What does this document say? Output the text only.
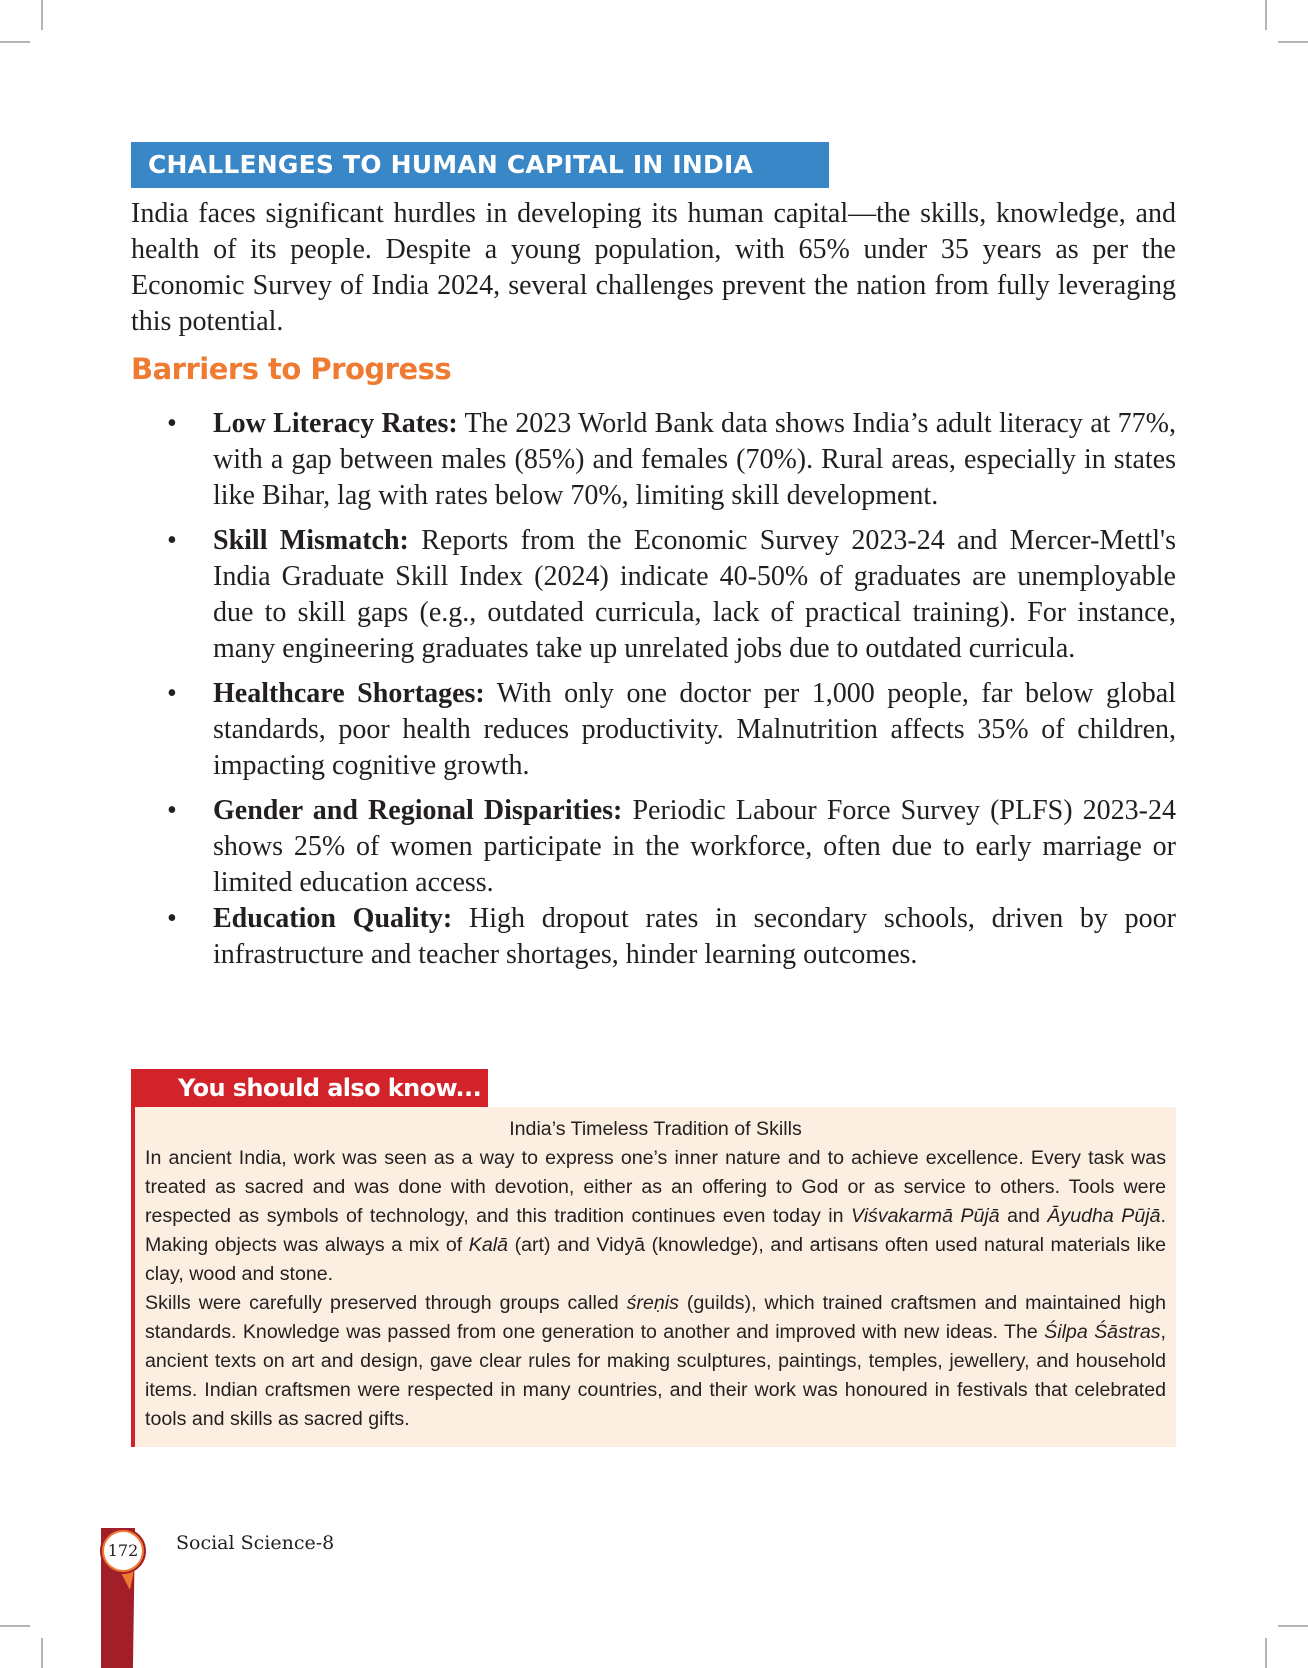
CHALLENGES TO HUMAN CAPITAL IN INDIA

India faces significant hurdles in developing its human capital—the skills, knowledge, and health of its people. Despite a young population, with 65% under 35 years as per the Economic Survey of India 2024, several challenges prevent the nation from fully leveraging this potential.

Barriers to Progress
• Low Literacy Rates: The 2023 World Bank data shows India’s adult literacy at 77%, with a gap between males (85%) and females (70%). Rural areas, especially in states like Bihar, lag with rates below 70%, limiting skill development.
• Skill Mismatch: Reports from the Economic Survey 2023-24 and Mercer-Mettl's India Graduate Skill Index (2024) indicate 40-50% of graduates are unemployable due to skill gaps (e.g., outdated curricula, lack of practical training). For instance, many engineering graduates take up unrelated jobs due to outdated curricula.
• Healthcare Shortages: With only one doctor per 1,000 people, far below global standards, poor health reduces productivity. Malnutrition affects 35% of children, impacting cognitive growth.
• Gender and Regional Disparities: Periodic Labour Force Survey (PLFS) 2023-24 shows 25% of women participate in the workforce, often due to early marriage or limited education access.
• Education Quality: High dropout rates in secondary schools, driven by poor infrastructure and teacher shortages, hinder learning outcomes.
You should also know...
India’s Timeless Tradition of Skills
In ancient India, work was seen as a way to express one’s inner nature and to achieve excellence. Every task was treated as sacred and was done with devotion, either as an offering to God or as service to others. Tools were respected as symbols of technology, and this tradition continues even today in Viśvakarmā Pūjā and Āyudha Pūjā. Making objects was always a mix of Kalā (art) and Vidyā (knowledge), and artisans often used natural materials like clay, wood and stone.
Skills were carefully preserved through groups called śreṇis (guilds), which trained craftsmen and maintained high standards. Knowledge was passed from one generation to another and improved with new ideas. The Śilpa Śāstras, ancient texts on art and design, gave clear rules for making sculptures, paintings, temples, jewellery, and household items. Indian craftsmen were respected in many countries, and their work was honoured in festivals that celebrated tools and skills as sacred gifts.
172 Social Science-8
